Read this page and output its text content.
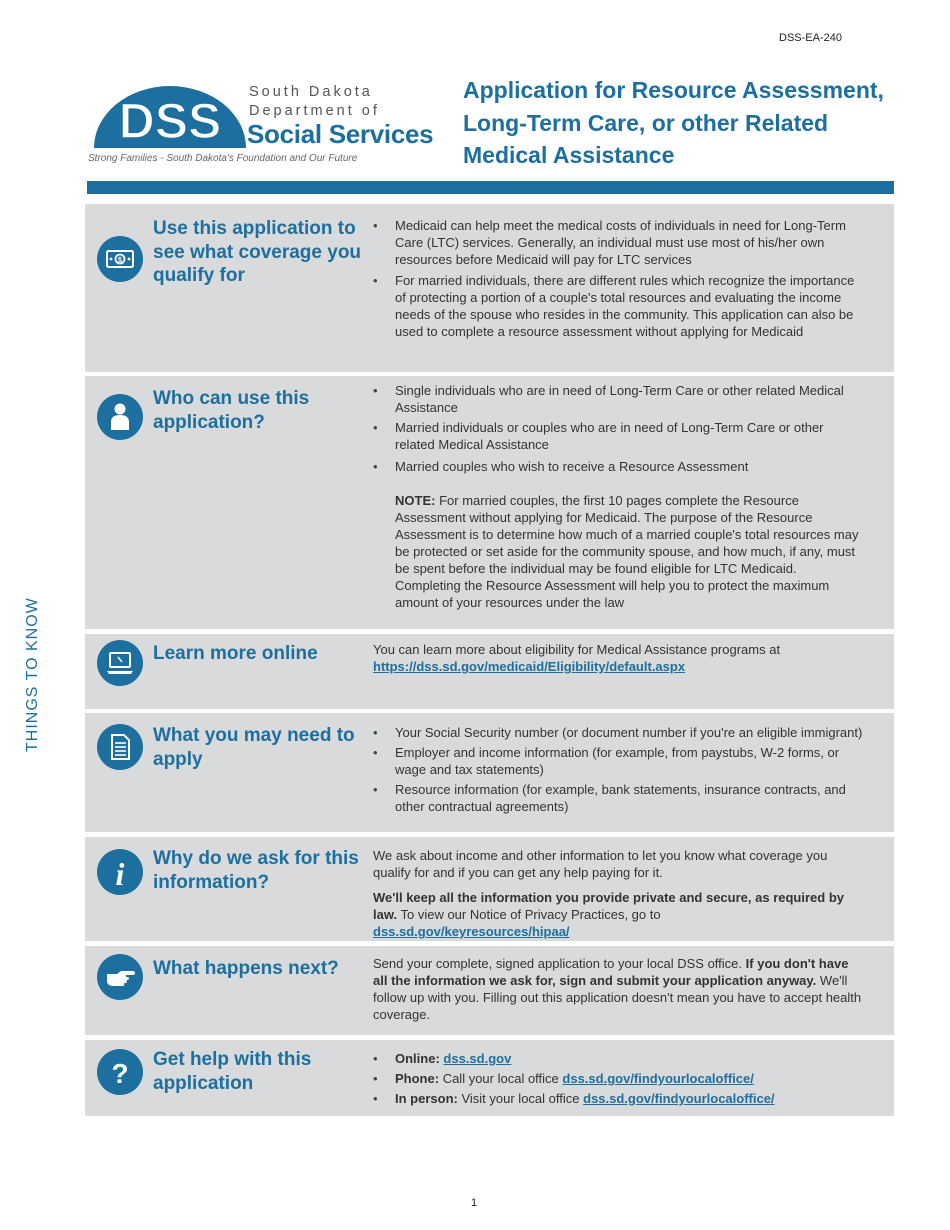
DSS-EA-240
DSS
South Dakota
Department of
Social Services
Strong Families - South Dakota's Foundation and Our Future
Application for Resource Assessment, Long-Term Care, or other Related Medical Assistance
THINGS TO KNOW
$
Use this application to see what coverage you qualify for
• Medicaid can help meet the medical costs of individuals in need for Long-Term Care (LTC) services. Generally, an individual must use most of his/her own resources before Medicaid will pay for LTC services
• For married individuals, there are different rules which recognize the importance of protecting a portion of a couple's total resources and evaluating the income needs of the spouse who resides in the community. This application can also be used to complete a resource assessment without applying for Medicaid
Who can use this application?
• Single individuals who are in need of Long-Term Care or other related Medical Assistance
• Married individuals or couples who are in need of Long-Term Care or other related Medical Assistance
• Married couples who wish to receive a Resource Assessment

NOTE: For married couples, the first 10 pages complete the Resource Assessment without applying for Medicaid. The purpose of the Resource Assessment is to determine how much of a married couple's total resources may be protected or set aside for the community spouse, and how much, if any, must be spent before the individual may be found eligible for LTC Medicaid. Completing the Resource Assessment will help you to protect the maximum amount of your resources under the law

Learn more online	You can learn more about eligibility for Medical Assistance programs at

https://dss.sd.gov/medicaid/Eligibility/default.aspx
What you may need to apply
• Your Social Security number (or document number if you're an eligible immigrant)
• Employer and income information (for example, from paystubs, W-2 forms, or wage and tax statements)
• Resource information (for example, bank statements, insurance contracts, and other contractual agreements)
i Why do we ask for this information?

We ask about income and other information to let you know what coverage you qualify for and if you can get any help paying for it.

We'll keep all the information you provide private and secure, as required by law. To view our Notice of Privacy Practices, go to
dss.sd.gov/keyresources/hipaa/

What happens next?	Send your complete, signed application to your local DSS office. If you don't have all the information we ask for, sign and submit your application anyway. We'll follow up with you. Filling out this application doesn't mean you have to accept health coverage.

? Get help with this application
• Online: dss.sd.gov
• Phone: Call your local office dss.sd.gov/findyourlocaloffice/
• In person: Visit your local office dss.sd.gov/findyourlocaloffice/
1
